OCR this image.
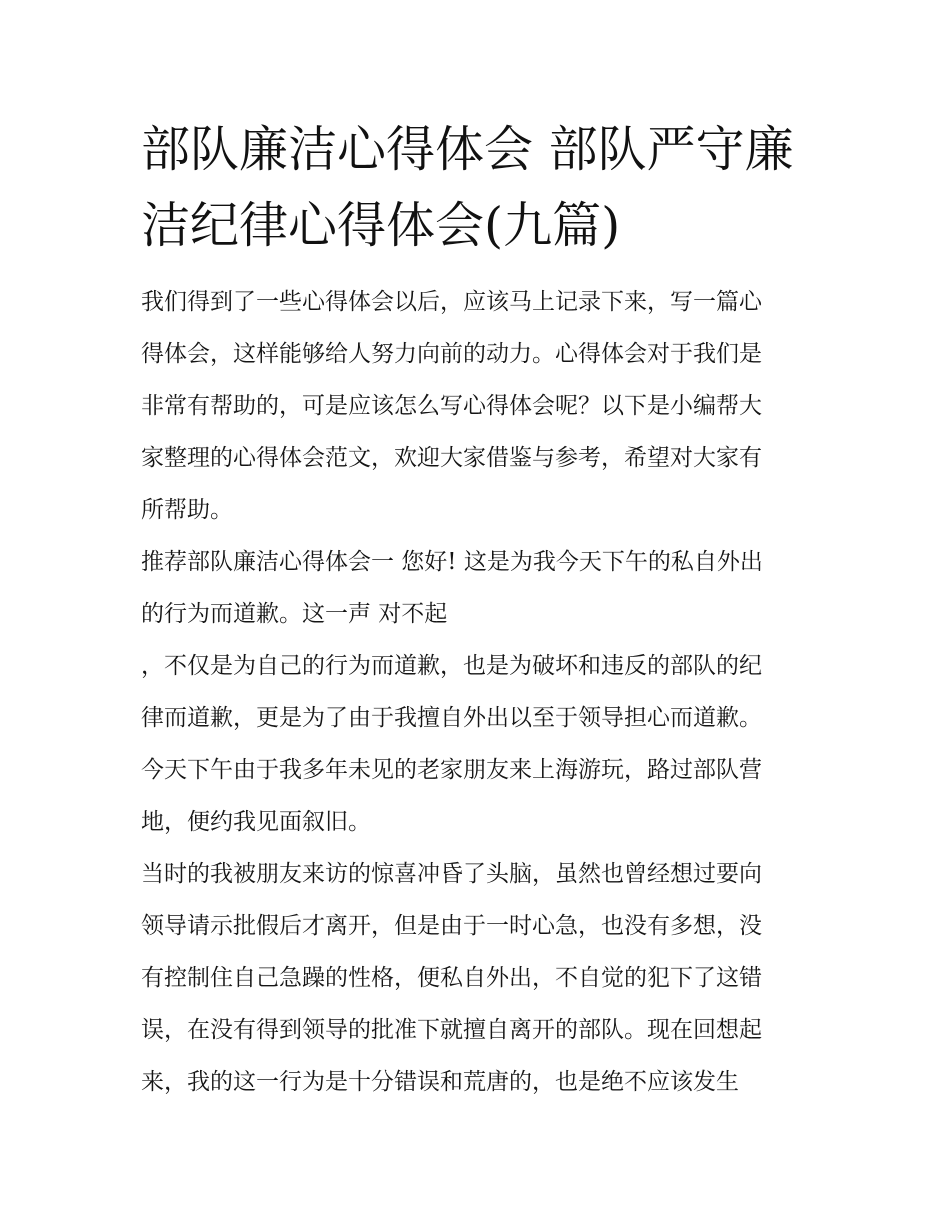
部队廉洁心得体会 部队严守廉
洁纪律心得体会(九篇)
我们得到了一些心得体会以后，应该马上记录下来，写一篇心
得体会，这样能够给人努力向前的动力。心得体会对于我们是
非常有帮助的，可是应该怎么写心得体会呢？以下是小编帮大
家整理的心得体会范文，欢迎大家借鉴与参考，希望对大家有
所帮助。
推荐部队廉洁心得体会一 您好! 这是为我今天下午的私自外出
的行为而道歉。这一声 对不起
，不仅是为自己的行为而道歉，也是为破坏和违反的部队的纪
律而道歉，更是为了由于我擅自外出以至于领导担心而道歉。
今天下午由于我多年未见的老家朋友来上海游玩，路过部队营
地，便约我见面叙旧。
当时的我被朋友来访的惊喜冲昏了头脑，虽然也曾经想过要向
领导请示批假后才离开，但是由于一时心急，也没有多想，没
有控制住自己急躁的性格，便私自外出，不自觉的犯下了这错
误，在没有得到领导的批准下就擅自离开的部队。现在回想起
来，我的这一行为是十分错误和荒唐的，也是绝不应该发生
